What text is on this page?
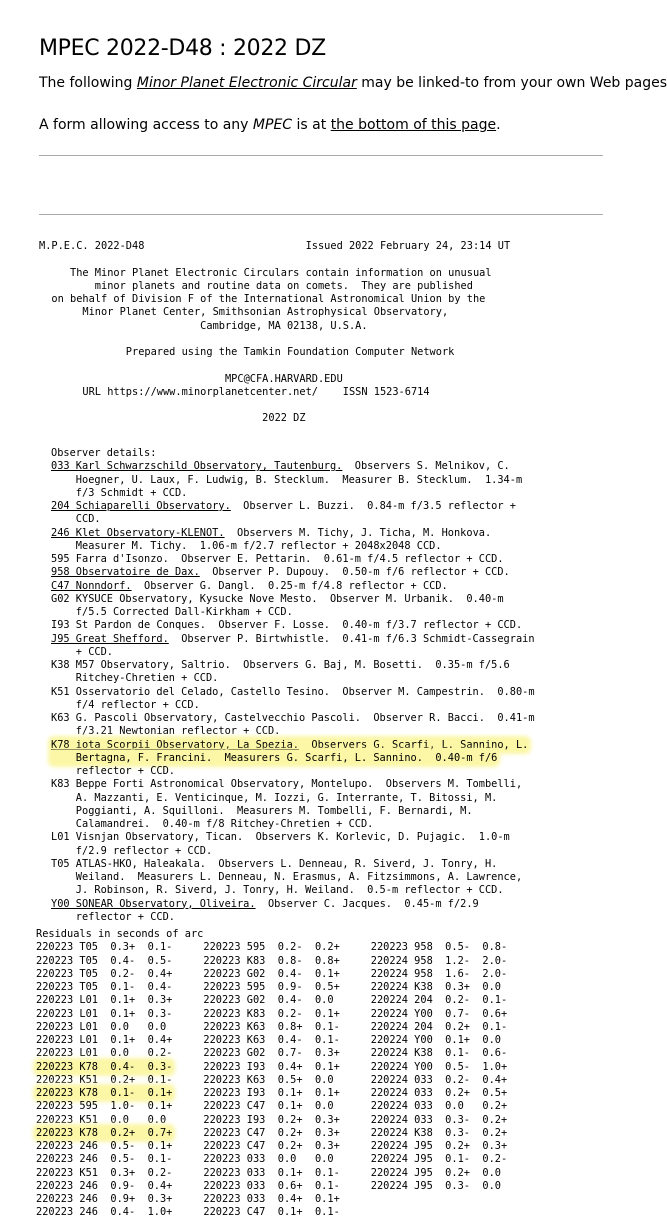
MPEC 2022-D48 : 2022 DZ

The following Minor Planet Electronic Circular may be linked-to from your own Web pages

A form allowing access to any MPEC is at the bottom of this page.

M.P.E.C. 2022-D48                          Issued 2022 February 24, 23:14 UT
The Minor Planet Electronic Circulars contain information on unusual
minor planets and routine data on comets.  They are published
on behalf of Division F of the International Astronomical Union by the
Minor Planet Center, Smithsonian Astrophysical Observatory,
Cambridge, MA 02138, U.S.A.
Prepared using the Tamkin Foundation Computer Network
MPC@CFA.HARVARD.EDU
URL https://www.minorplanetcenter.net/    ISSN 1523-6714
2022 DZ
Observer details:
033 Karl Schwarzschild Observatory, Tautenburg.  Observers S. Melnikov, C.
Hoegner, U. Laux, F. Ludwig, B. Stecklum.  Measurer B. Stecklum.  1.34-m
f/3 Schmidt + CCD.
204 Schiaparelli Observatory.  Observer L. Buzzi.  0.84-m f/3.5 reflector +
CCD.
246 Klet Observatory-KLENOT.  Observers M. Tichy, J. Ticha, M. Honkova.
Measurer M. Tichy.  1.06-m f/2.7 reflector + 2048x2048 CCD.
595 Farra d'Isonzo.  Observer E. Pettarin.  0.61-m f/4.5 reflector + CCD.
958 Observatoire de Dax.  Observer P. Dupouy.  0.50-m f/6 reflector + CCD.
C47 Nonndorf.  Observer G. Dangl.  0.25-m f/4.8 reflector + CCD.
G02 KYSUCE Observatory, Kysucke Nove Mesto.  Observer M. Urbanik.  0.40-m
f/5.5 Corrected Dall-Kirkham + CCD.
I93 St Pardon de Conques.  Observer F. Losse.  0.40-m f/3.7 reflector + CCD.
J95 Great Shefford.  Observer P. Birtwhistle.  0.41-m f/6.3 Schmidt-Cassegrain
+ CCD.
K38 M57 Observatory, Saltrio.  Observers G. Baj, M. Bosetti.  0.35-m f/5.6
Ritchey-Chretien + CCD.
K51 Osservatorio del Celado, Castello Tesino.  Observer M. Campestrin.  0.80-m
f/4 reflector + CCD.
K63 G. Pascoli Observatory, Castelvecchio Pascoli.  Observer R. Bacci.  0.41-m
f/3.21 Newtonian reflector + CCD.
K78 iota Scorpii Observatory, La Spezia.  Observers G. Scarfi, L. Sannino, L.
Bertagna, F. Francini.  Measurers G. Scarfi, L. Sannino.  0.40-m f/6
reflector + CCD.
K83 Beppe Forti Astronomical Observatory, Montelupo.  Observers M. Tombelli,
A. Mazzanti, E. Venticinque, M. Iozzi, G. Interrante, T. Bitossi, M.
Poggianti, A. Squilloni.  Measurers M. Tombelli, F. Bernardi, M.
Calamandrei.  0.40-m f/8 Ritchey-Chretien + CCD.
L01 Visnjan Observatory, Tican.  Observers K. Korlevic, D. Pujagic.  1.0-m
f/2.9 reflector + CCD.
T05 ATLAS-HKO, Haleakala.  Observers L. Denneau, R. Siverd, J. Tonry, H.
Weiland.  Measurers L. Denneau, N. Erasmus, A. Fitzsimmons, A. Lawrence,
J. Robinson, R. Siverd, J. Tonry, H. Weiland.  0.5-m reflector + CCD.
Y00 SONEAR Observatory, Oliveira.  Observer C. Jacques.  0.45-m f/2.9
reflector + CCD.
Residuals in seconds of arc
220223 T05  0.3+  0.1-     220223 595  0.2-  0.2+     220223 958  0.5-  0.8-
220223 T05  0.4-  0.5-     220223 K83  0.8-  0.8+     220224 958  1.2-  2.0-
220223 T05  0.2-  0.4+     220223 G02  0.4-  0.1+     220224 958  1.6-  2.0-
220223 T05  0.1-  0.4-     220223 595  0.9-  0.5+     220224 K38  0.3+  0.0
220223 L01  0.1+  0.3+     220223 G02  0.4-  0.0      220224 204  0.2-  0.1-
220223 L01  0.1+  0.3-     220223 K83  0.2-  0.1+     220224 Y00  0.7-  0.6+
220223 L01  0.0   0.0      220223 K63  0.8+  0.1-     220224 204  0.2+  0.1-
220223 L01  0.1+  0.4+     220223 K63  0.4-  0.1-     220224 Y00  0.1+  0.0
220223 L01  0.0   0.2-     220223 G02  0.7-  0.3+     220224 K38  0.1-  0.6-
220223 K78  0.4-  0.3-     220223 I93  0.4+  0.1+     220224 Y00  0.5-  1.0+
220223 K51  0.2+  0.1-     220223 K63  0.5+  0.0      220224 033  0.2-  0.4+
220223 K78  0.1-  0.1+     220223 I93  0.1+  0.1+     220224 033  0.2+  0.5+
220223 595  1.0-  0.1+     220223 C47  0.1+  0.0      220224 033  0.0   0.2+
220223 K51  0.0   0.0      220223 I93  0.2+  0.3+     220224 033  0.3-  0.2+
220223 K78  0.2+  0.7+     220223 C47  0.2+  0.3+     220224 K38  0.3-  0.2+
220223 246  0.5-  0.1+     220223 C47  0.2+  0.3+     220224 J95  0.2+  0.3+
220223 246  0.5-  0.1-     220223 033  0.0   0.0      220224 J95  0.1-  0.2-
220223 K51  0.3+  0.2-     220223 033  0.1+  0.1-     220224 J95  0.2+  0.0
220223 246  0.9-  0.4+     220223 033  0.6+  0.1-     220224 J95  0.3-  0.0
220223 246  0.9+  0.3+     220223 033  0.4+  0.1+
220223 246  0.4-  1.0+     220223 C47  0.1+  0.1-
